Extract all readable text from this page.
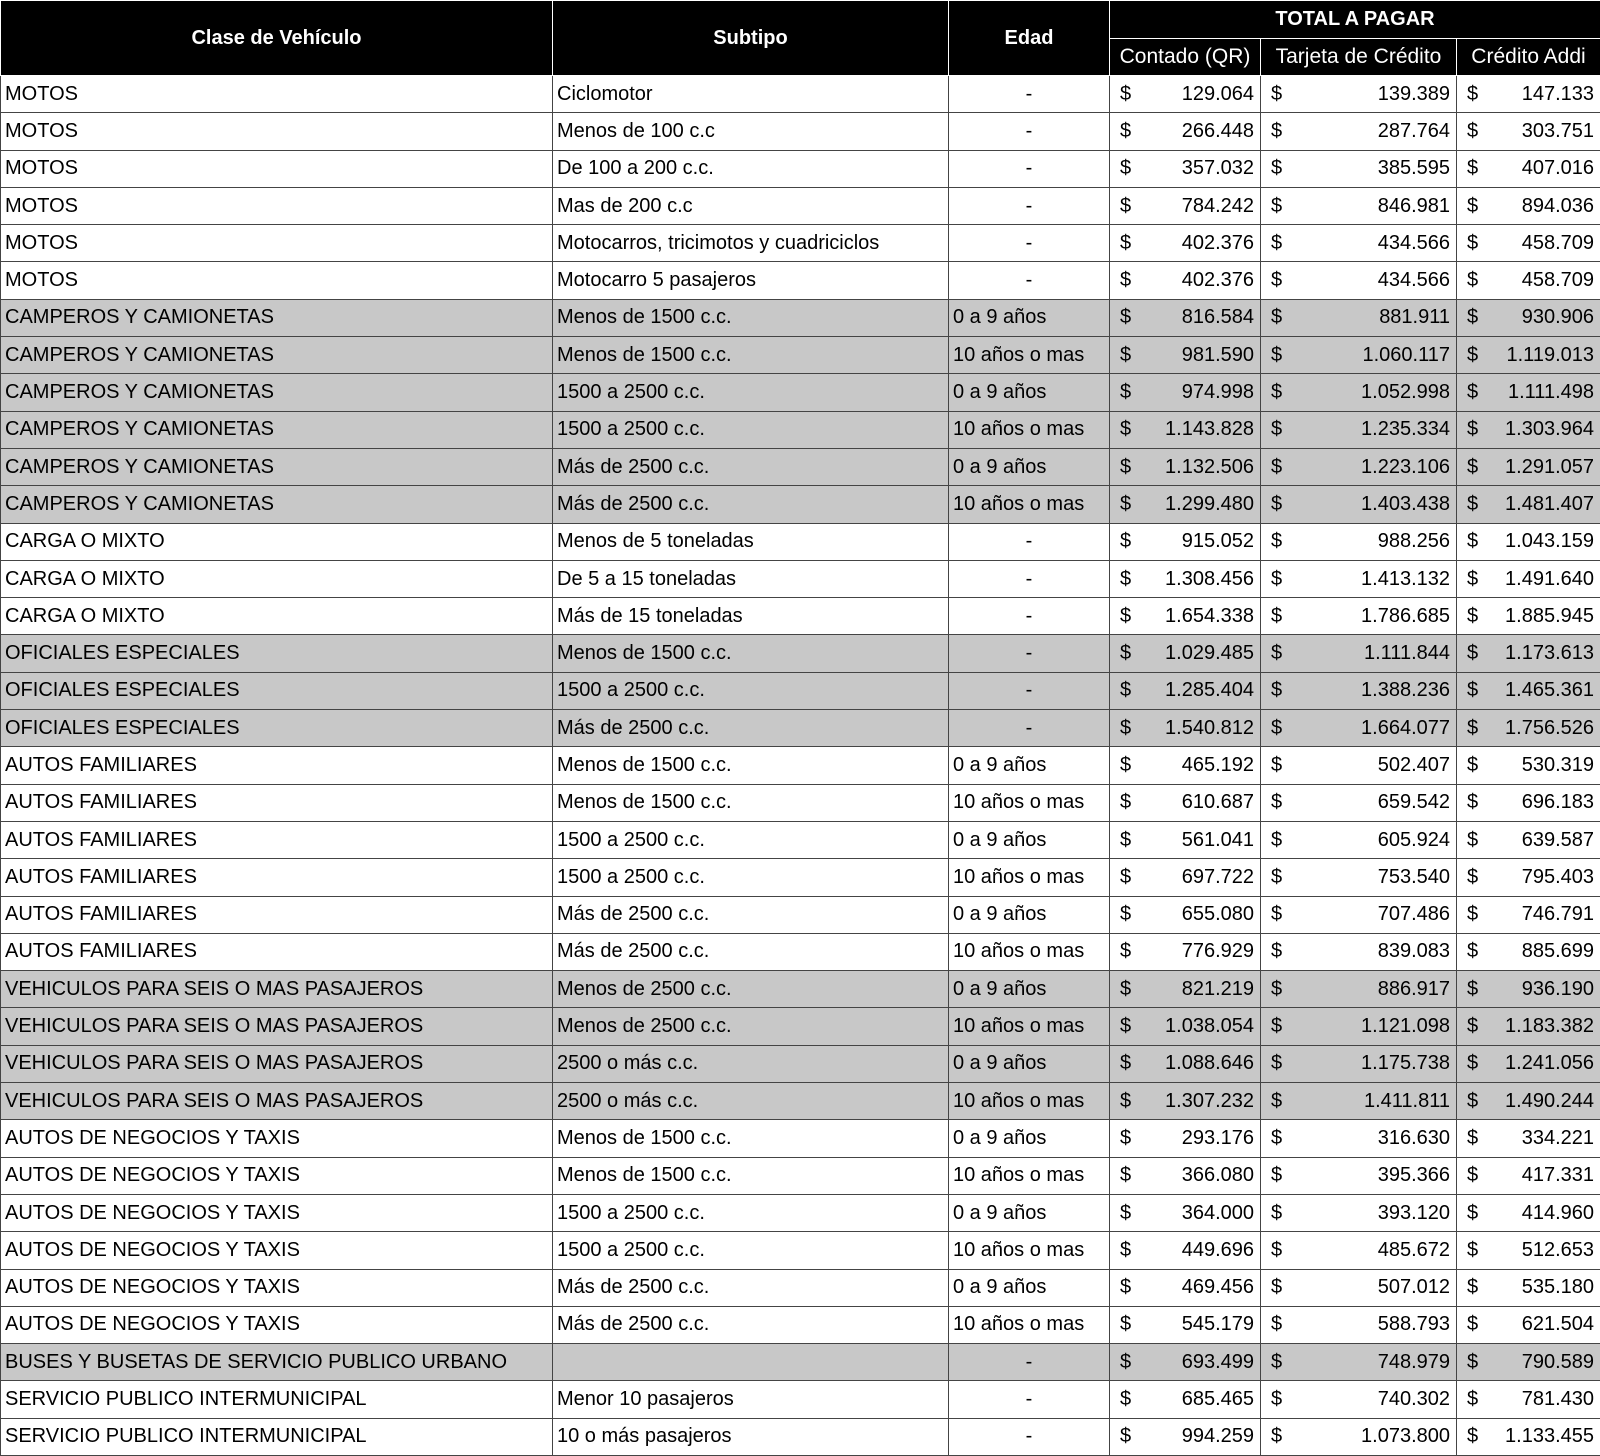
Clase de Vehículo	Subtipo	Edad	TOTAL A PAGAR		
			Contado (QR)	Tarjeta de Crédito	Crédito Addi
MOTOS	Ciclomotor	-	$ 129.064	$ 139.389	$ 147.133

MOTOS	Menos de 100 c.c	-	$ 266.448	$ 287.764	$ 303.751

MOTOS	De 100 a 200 c.c.	-	$ 357.032	$ 385.595	$ 407.016

MOTOS	Mas de 200 c.c	-	$ 784.242	$ 846.981	$ 894.036

MOTOS	Motocarros, tricimotos y cuadriciclos	-	$ 402.376	$ 434.566	$ 458.709

MOTOS	Motocarro 5 pasajeros	-	$ 402.376	$ 434.566	$ 458.709

CAMPEROS Y CAMIONETAS	Menos de 1500 c.c.	0 a 9 años	$ 816.584	$ 881.911	$ 930.906

CAMPEROS Y CAMIONETAS	Menos de 1500 c.c.	10 años o mas	$ 981.590	$ 1.060.117	$ 1.119.013

CAMPEROS Y CAMIONETAS	1500 a 2500 c.c.	0 a 9 años	$ 974.998	$ 1.052.998	$ 1.111.498

CAMPEROS Y CAMIONETAS	1500 a 2500 c.c.	10 años o mas	$ 1.143.828	$ 1.235.334	$ 1.303.964

CAMPEROS Y CAMIONETAS	Más de 2500 c.c.	0 a 9 años	$ 1.132.506	$ 1.223.106	$ 1.291.057

CAMPEROS Y CAMIONETAS	Más de 2500 c.c.	10 años o mas	$ 1.299.480	$ 1.403.438	$ 1.481.407

CARGA O MIXTO	Menos de 5 toneladas	-	$ 915.052	$ 988.256	$ 1.043.159

CARGA O MIXTO	De 5 a 15 toneladas	-	$ 1.308.456	$ 1.413.132	$ 1.491.640

CARGA O MIXTO	Más de 15 toneladas	-	$ 1.654.338	$ 1.786.685	$ 1.885.945

OFICIALES ESPECIALES	Menos de 1500 c.c.	-	$ 1.029.485	$ 1.111.844	$ 1.173.613

OFICIALES ESPECIALES	1500 a 2500 c.c.	-	$ 1.285.404	$ 1.388.236	$ 1.465.361

OFICIALES ESPECIALES	Más de 2500 c.c.	-	$ 1.540.812	$ 1.664.077	$ 1.756.526

AUTOS FAMILIARES	Menos de 1500 c.c.	0 a 9 años	$ 465.192	$ 502.407	$ 530.319

AUTOS FAMILIARES	Menos de 1500 c.c.	10 años o mas	$ 610.687	$ 659.542	$ 696.183

AUTOS FAMILIARES	1500 a 2500 c.c.	0 a 9 años	$ 561.041	$ 605.924	$ 639.587

AUTOS FAMILIARES	1500 a 2500 c.c.	10 años o mas	$ 697.722	$ 753.540	$ 795.403

AUTOS FAMILIARES	Más de 2500 c.c.	0 a 9 años	$ 655.080	$ 707.486	$ 746.791

AUTOS FAMILIARES	Más de 2500 c.c.	10 años o mas	$ 776.929	$ 839.083	$ 885.699

VEHICULOS PARA SEIS O MAS PASAJEROS	Menos de 2500 c.c.	0 a 9 años	$ 821.219	$ 886.917	$ 936.190

VEHICULOS PARA SEIS O MAS PASAJEROS	Menos de 2500 c.c.	10 años o mas	$ 1.038.054	$ 1.121.098	$ 1.183.382

VEHICULOS PARA SEIS O MAS PASAJEROS	2500 o más c.c.	0 a 9 años	$ 1.088.646	$ 1.175.738	$ 1.241.056

VEHICULOS PARA SEIS O MAS PASAJEROS	2500 o más c.c.	10 años o mas	$ 1.307.232	$ 1.411.811	$ 1.490.244

AUTOS DE NEGOCIOS Y TAXIS	Menos de 1500 c.c.	0 a 9 años	$ 293.176	$ 316.630	$ 334.221

AUTOS DE NEGOCIOS Y TAXIS	Menos de 1500 c.c.	10 años o mas	$ 366.080	$ 395.366	$ 417.331

AUTOS DE NEGOCIOS Y TAXIS	1500 a 2500 c.c.	0 a 9 años	$ 364.000	$ 393.120	$ 414.960

AUTOS DE NEGOCIOS Y TAXIS	1500 a 2500 c.c.	10 años o mas	$ 449.696	$ 485.672	$ 512.653

AUTOS DE NEGOCIOS Y TAXIS	Más de 2500 c.c.	0 a 9 años	$ 469.456	$ 507.012	$ 535.180

AUTOS DE NEGOCIOS Y TAXIS	Más de 2500 c.c.	10 años o mas	$ 545.179	$ 588.793	$ 621.504

BUSES Y BUSETAS DE SERVICIO PUBLICO URBANO		-	$ 693.499	$ 748.979	$ 790.589

SERVICIO PUBLICO INTERMUNICIPAL	Menor 10 pasajeros	-	$ 685.465	$ 740.302	$ 781.430

SERVICIO PUBLICO INTERMUNICIPAL	10 o más pasajeros	-	$ 994.259	$ 1.073.800	$ 1.133.455
